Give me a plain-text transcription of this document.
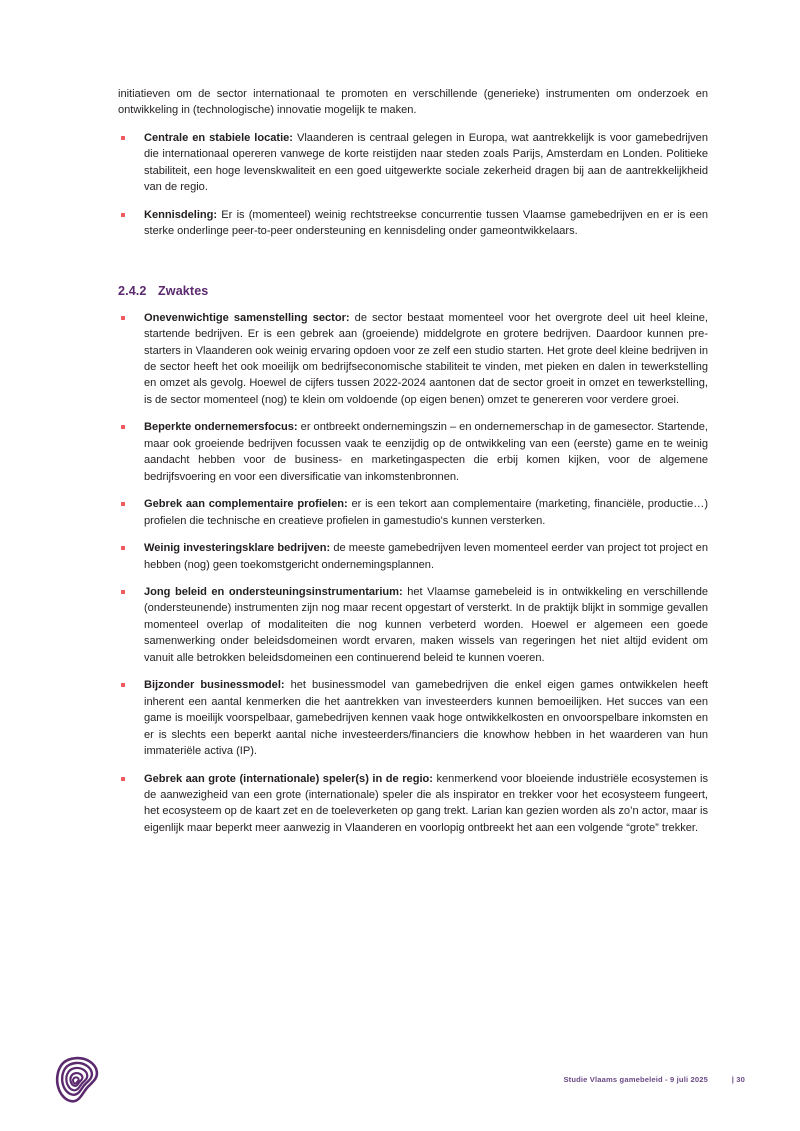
initiatieven om de sector internationaal te promoten en verschillende (generieke) instrumenten om onderzoek en ontwikkeling in (technologische) innovatie mogelijk te maken.

Centrale en stabiele locatie: Vlaanderen is centraal gelegen in Europa, wat aantrekkelijk is voor gamebedrijven die internationaal opereren vanwege de korte reistijden naar steden zoals Parijs, Amsterdam en Londen. Politieke stabiliteit, een hoge levenskwaliteit en een goed uitgewerkte sociale zekerheid dragen bij aan de aantrekkelijkheid van de regio.
Kennisdeling: Er is (momenteel) weinig rechtstreekse concurrentie tussen Vlaamse gamebedrijven en er is een sterke onderlinge peer-to-peer ondersteuning en kennisdeling onder gameontwikkelaars.
2.4.2 Zwaktes
Onevenwichtige samenstelling sector: de sector bestaat momenteel voor het overgrote deel uit heel kleine, startende bedrijven. Er is een gebrek aan (groeiende) middelgrote en grotere bedrijven. Daardoor kunnen pre-starters in Vlaanderen ook weinig ervaring opdoen voor ze zelf een studio starten. Het grote deel kleine bedrijven in de sector heeft het ook moeilijk om bedrijfseconomische stabiliteit te vinden, met pieken en dalen in tewerkstelling en omzet als gevolg. Hoewel de cijfers tussen 2022-2024 aantonen dat de sector groeit in omzet en tewerkstelling, is de sector momenteel (nog) te klein om voldoende (op eigen benen) omzet te genereren voor verdere groei.
Beperkte ondernemersfocus: er ontbreekt ondernemingszin – en ondernemerschap in de gamesector. Startende, maar ook groeiende bedrijven focussen vaak te eenzijdig op de ontwikkeling van een (eerste) game en te weinig aandacht hebben voor de business- en marketingaspecten die erbij komen kijken, voor de algemene bedrijfsvoering en voor een diversificatie van inkomstenbronnen.
Gebrek aan complementaire profielen: er is een tekort aan complementaire (marketing, financiële, productie…) profielen die technische en creatieve profielen in gamestudio's kunnen versterken.
Weinig investeringsklare bedrijven: de meeste gamebedrijven leven momenteel eerder van project tot project en hebben (nog) geen toekomstgericht ondernemingsplannen.
Jong beleid en ondersteuningsinstrumentarium: het Vlaamse gamebeleid is in ontwikkeling en verschillende (ondersteunende) instrumenten zijn nog maar recent opgestart of versterkt. In de praktijk blijkt in sommige gevallen momenteel overlap of modaliteiten die nog kunnen verbeterd worden. Hoewel er algemeen een goede samenwerking onder beleidsdomeinen wordt ervaren, maken wissels van regeringen het niet altijd evident om vanuit alle betrokken beleidsdomeinen een continuerend beleid te kunnen voeren.
Bijzonder businessmodel: het businessmodel van gamebedrijven die enkel eigen games ontwikkelen heeft inherent een aantal kenmerken die het aantrekken van investeerders kunnen bemoeilijken. Het succes van een game is moeilijk voorspelbaar, gamebedrijven kennen vaak hoge ontwikkelkosten en onvoorspelbare inkomsten en er is slechts een beperkt aantal niche investeerders/financiers die knowhow hebben in het waarderen van hun immateriële activa (IP).
Gebrek aan grote (internationale) speler(s) in de regio: kenmerkend voor bloeiende industriële ecosystemen is de aanwezigheid van een grote (internationale) speler die als inspirator en trekker voor het ecosysteem fungeert, het ecosysteem op de kaart zet en de toeleverketen op gang trekt. Larian kan gezien worden als zo’n actor, maar is eigenlijk maar beperkt meer aanwezig in Vlaanderen en voorlopig ontbreekt het aan een volgende “grote” trekker.
Studie Vlaams gamebeleid - 9 juli 2025	| 30
